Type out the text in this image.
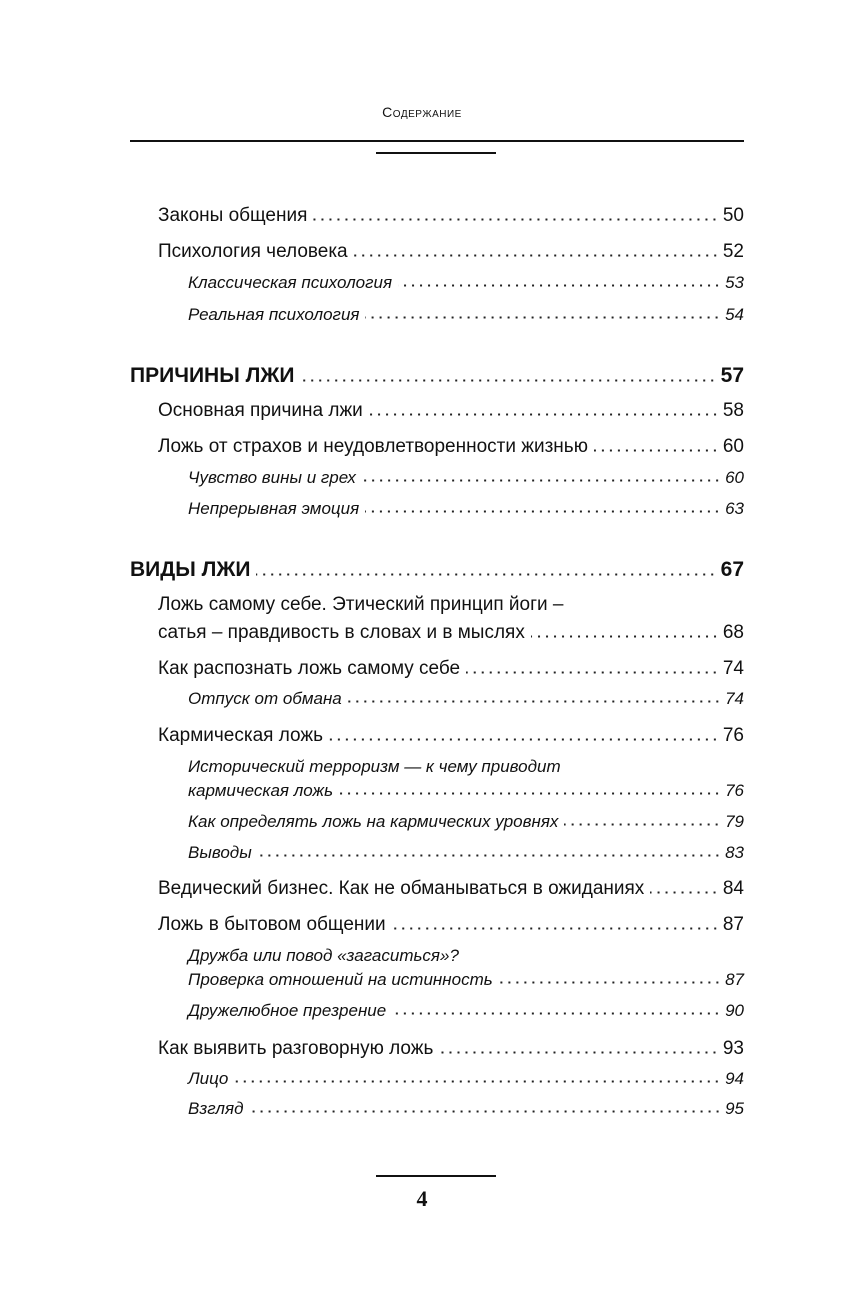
Содержание
Законы общения	50
Психология человека	52
Классическая психология	53
Реальная психология	54
ПРИЧИНЫ ЛЖИ	57
Основная причина лжи	58
Ложь от страхов и неудовлетворенности жизнью	60
Чувство вины и грех	60
Непрерывная эмоция	63
ВИДЫ ЛЖИ	67
Ложь самому себе. Этический принцип йоги –
сатья – правдивость в словах и в мыслях	68
Как распознать ложь самому себе	74
Отпуск от обмана	74
Кармическая ложь	76
Исторический терроризм — к чему приводит
кармическая ложь	76
Как определять ложь на кармических уровнях	79
Выводы	83
Ведический бизнес. Как не обманываться в ожиданиях	84
Ложь в бытовом общении	87
Дружба или повод «загаситься»?
Проверка отношений на истинность	87
Дружелюбное презрение	90
Как выявить разговорную ложь	93
Лицо	94
Взгляд	95
4
